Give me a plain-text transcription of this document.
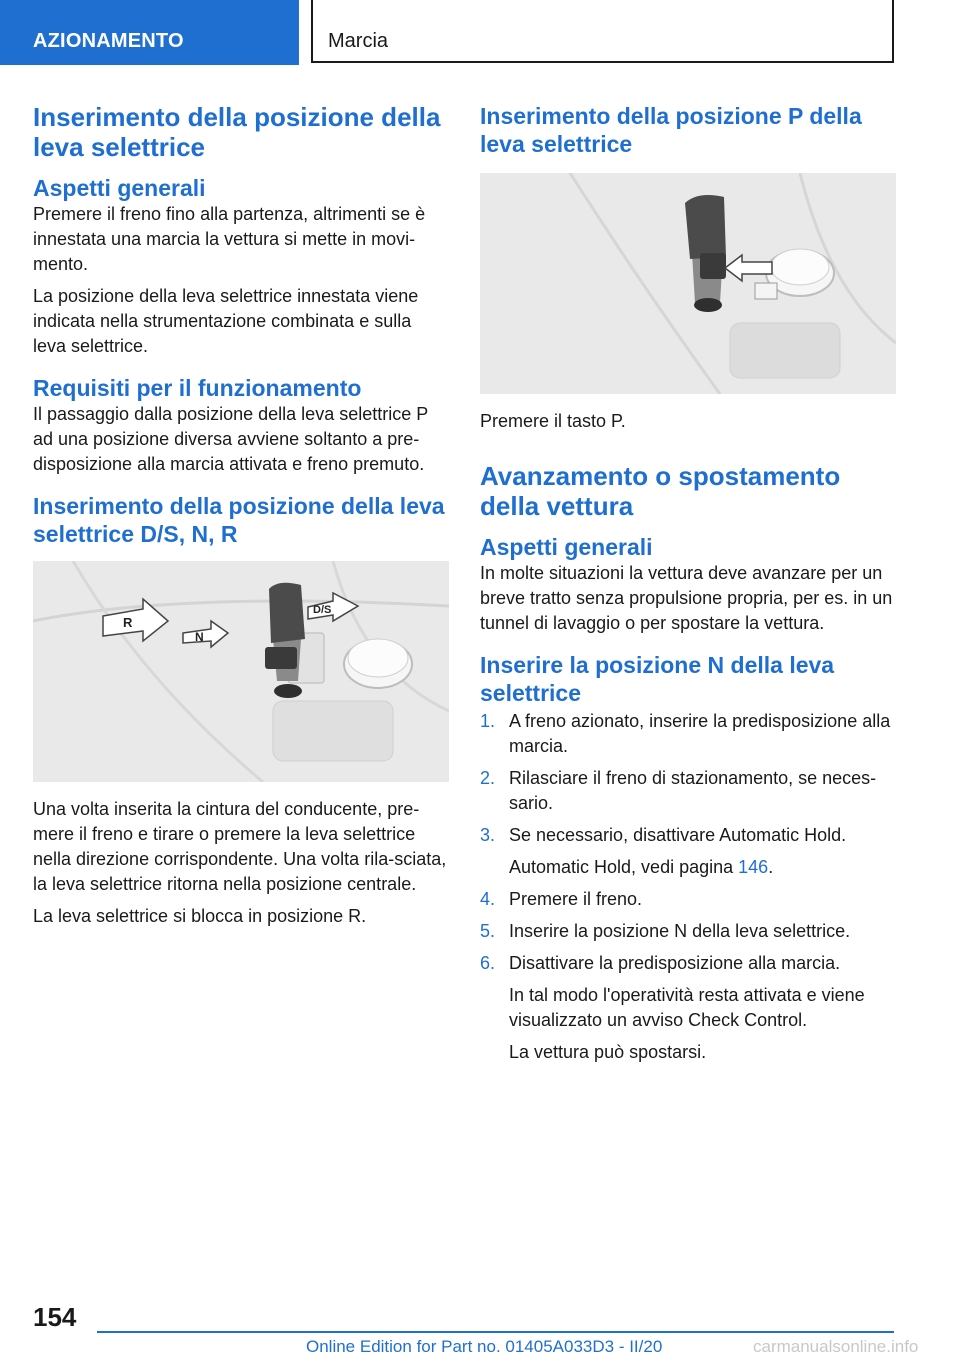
AZIONAMENTO	Marcia
Inserimento della posizione della leva selettrice
Aspetti generali

Premere il freno fino alla partenza, altrimenti se è innestata una marcia la vettura si mette in movi‐mento.

La posizione della leva selettrice innestata viene indicata nella strumentazione combinata e sulla leva selettrice.

Requisiti per il funzionamento

Il passaggio dalla posizione della leva selettrice P ad una posizione diversa avviene soltanto a pre‐disposizione alla marcia attivata e freno premuto.

Inserimento della posizione della leva selettrice D/S, N, R
R
N
D/S

Una volta inserita la cintura del conducente, pre‐mere il freno e tirare o premere la leva selettrice nella direzione corrispondente. Una volta rila‐sciata, la leva selettrice ritorna nella posizione centrale.

La leva selettrice si blocca in posizione R.

Inserimento della posizione P della leva selettrice

Premere il tasto P.

Avanzamento o spostamento della vettura
Aspetti generali

In molte situazioni la vettura deve avanzare per un breve tratto senza propulsione propria, per es. in un tunnel di lavaggio o per spostare la vettura.

Inserire la posizione N della leva selettrice
1. A freno azionato, inserire la predisposizione alla marcia.
2. Rilasciare il freno di stazionamento, se neces‐sario.
3. Se necessario, disattivare Automatic Hold.

Automatic Hold, vedi pagina 146.

4. Premere il freno.
5. Inserire la posizione N della leva selettrice.
6. Disattivare la predisposizione alla marcia.

In tal modo l'operatività resta attivata e viene visualizzato un avviso Check Control.

La vettura può spostarsi.

154
Online Edition for Part no. 01405A033D3 - II/20	carmanualsonline.info
